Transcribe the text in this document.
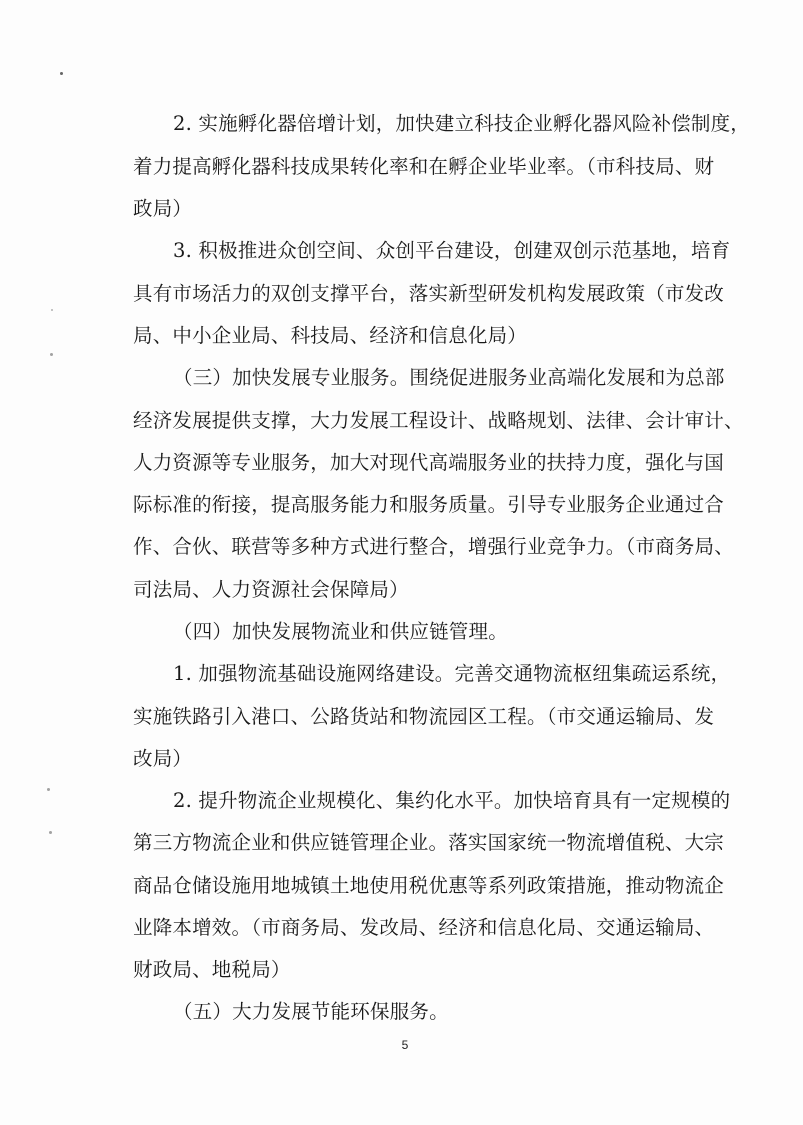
2. 实施孵化器倍增计划，加快建立科技企业孵化器风险补偿制度，
着力提高孵化器科技成果转化率和在孵企业毕业率。（市科技局、财
政局）
3. 积极推进众创空间、众创平台建设，创建双创示范基地，培育
具有市场活力的双创支撑平台，落实新型研发机构发展政策（市发改
局、中小企业局、科技局、经济和信息化局）
（三）加快发展专业服务。围绕促进服务业高端化发展和为总部
经济发展提供支撑，大力发展工程设计、战略规划、法律、会计审计、
人力资源等专业服务，加大对现代高端服务业的扶持力度，强化与国
际标准的衔接，提高服务能力和服务质量。引导专业服务企业通过合
作、合伙、联营等多种方式进行整合，增强行业竞争力。（市商务局、
司法局、人力资源社会保障局）
（四）加快发展物流业和供应链管理。
1. 加强物流基础设施网络建设。完善交通物流枢纽集疏运系统，
实施铁路引入港口、公路货站和物流园区工程。（市交通运输局、发
改局）
2. 提升物流企业规模化、集约化水平。加快培育具有一定规模的
第三方物流企业和供应链管理企业。落实国家统一物流增值税、大宗
商品仓储设施用地城镇土地使用税优惠等系列政策措施，推动物流企
业降本增效。（市商务局、发改局、经济和信息化局、交通运输局、
财政局、地税局）
（五）大力发展节能环保服务。
5
